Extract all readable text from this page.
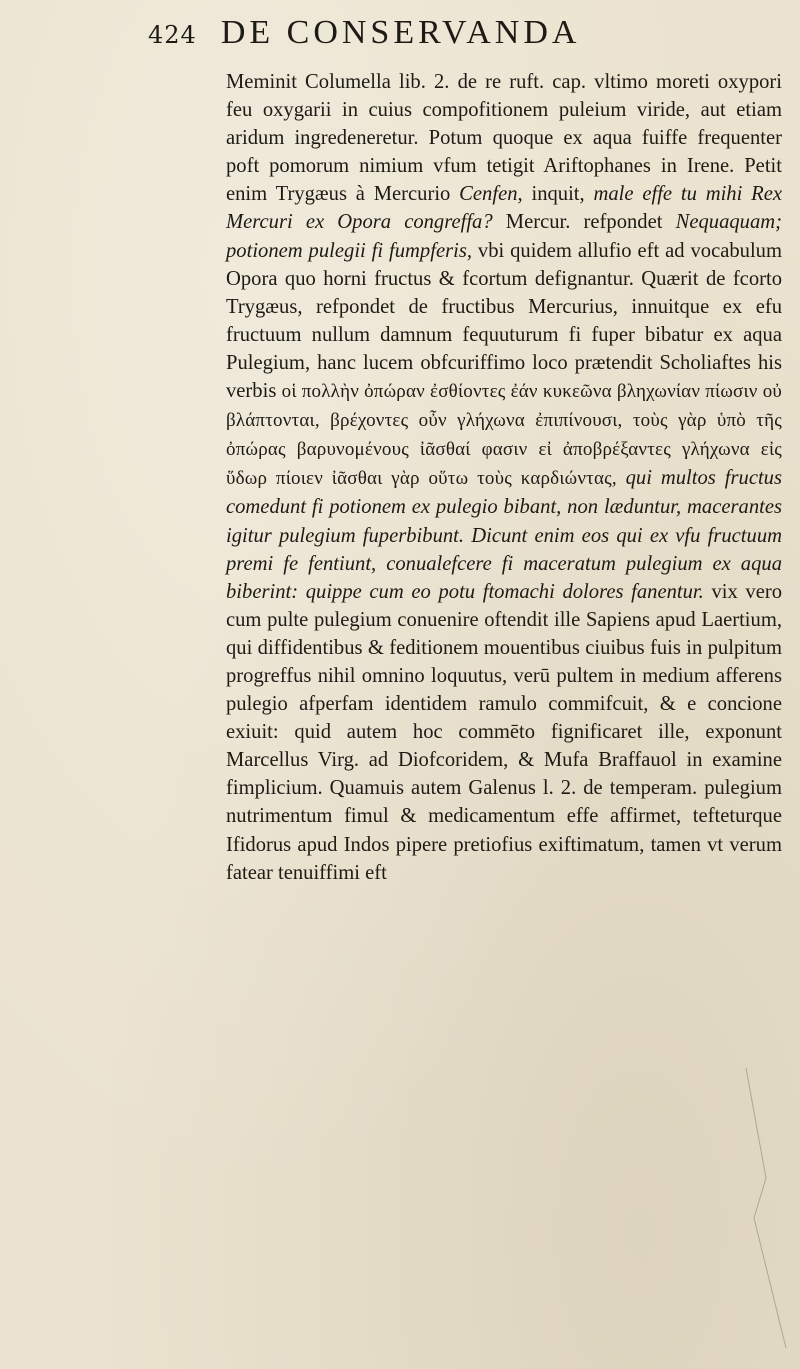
424 DE CONSERVANDA

Meminit Columella lib. 2. de re ruft. cap. vltimo moreti oxypori feu oxygarii in cuius compofitionem puleium viride, aut etiam aridum ingredeneretur. Potum quoque ex aqua fuiffe frequenter poft pomorum nimium vfum tetigit Ariftophanes in Irene. Petit enim Trygæus à Mercurio Cenfen, inquit, male effe tu mihi Rex Mercuri ex Opora congreffa? Mercur. refpondet Nequaquam; potionem pulegii fi fumpferis, vbi quidem allufio eft ad vocabulum Opora quo horni fructus & fcortum defignantur. Quærit de fcorto Trygæus, refpondet de fructibus Mercurius, innuitque ex efu fructuum nullum damnum fequuturum fi fuper bibatur ex aqua Pulegium, hanc lucem obfcuriffimo loco prætendit Scholiaftes his verbis οἱ πολλὴν ὀπώραν ἐσθίοντες ἐάν κυκεῶνα βληχωνίαν πίωσιν οὐ βλάπτονται, βρέχοντες οὖν γλήχωνα ἐπιπίνουσι, τοὺς γὰρ ὑπὸ τῆς ὀπώρας βαρυνομένους ἰᾶσθαί φασιν εἰ ἀποβρέξαντες γλήχωνα εἰς ὕδωρ πίοιεν ἰᾶσθαι γὰρ οὕτω τοὺς καρδιώντας, qui multos fructus comedunt fi potionem ex pulegio bibant, non læduntur, macerantes igitur pulegium fuperbibunt. Dicunt enim eos qui ex vfu fructuum premi fe fentiunt, conualefcere fi maceratum pulegium ex aqua biberint: quippe cum eo potu ftomachi dolores fanentur. vix vero cum pulte pulegium conuenire oftendit ille Sapiens apud Laertium, qui diffidentibus & feditionem mouentibus ciuibus fuis in pulpitum progreffus nihil omnino loquutus, verū pultem in medium afferens pulegio afperfam identidem ramulo commifcuit, & e concione exiuit: quid autem hoc commēto fignificaret ille, exponunt Marcellus Virg. ad Diofcoridem, & Mufa Braffauol in examine fimplicium. Quamuis autem Galenus l. 2. de temperam. pulegium nutrimentum fimul & medicamentum effe affirmet, tefteturque Ifidorus apud Indos pipere pretiofius exiftimatum, tamen vt verum fatear tenuiffimi eft
